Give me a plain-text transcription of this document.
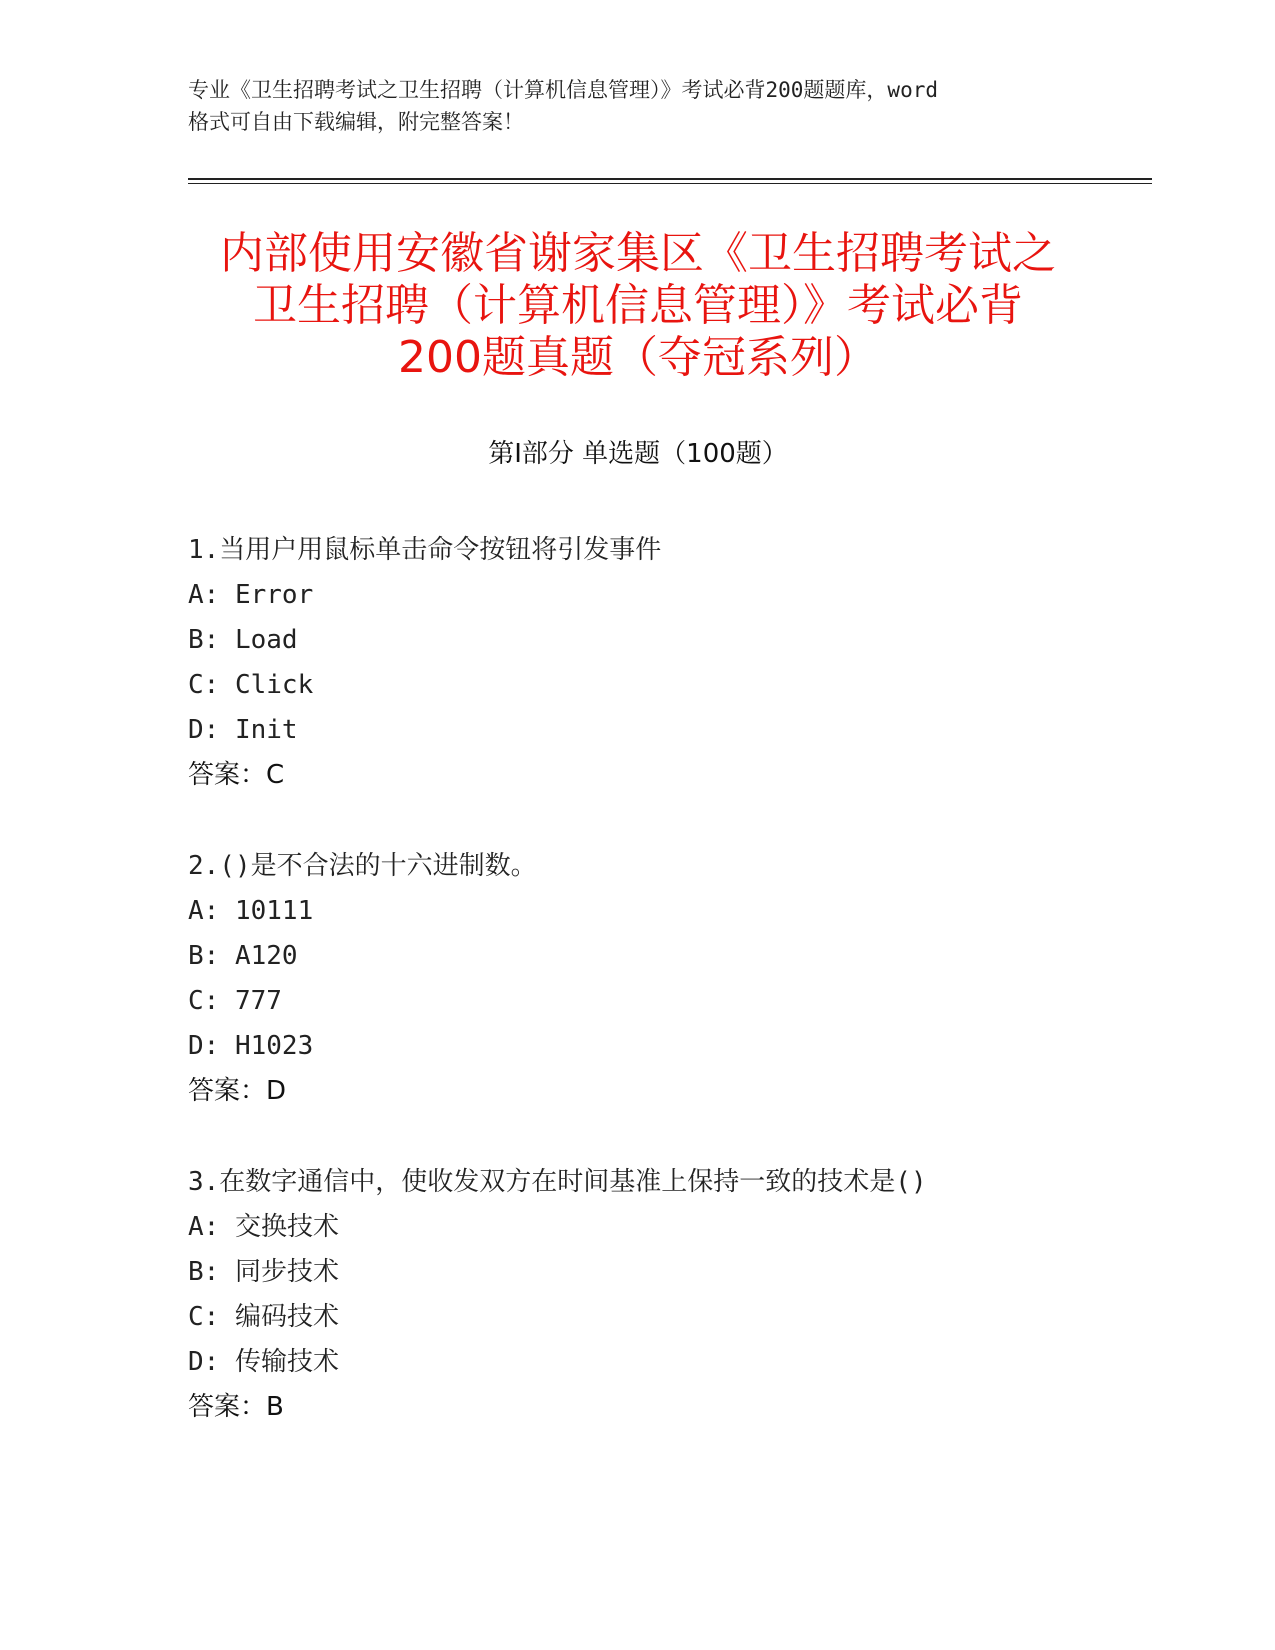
专业《卫生招聘考试之卫生招聘（计算机信息管理）》考试必背200题题库，word
格式可自由下载编辑，附完整答案！
内部使用安徽省谢家集区《卫生招聘考试之
卫生招聘（计算机信息管理）》考试必背
200题真题（夺冠系列）
第Ⅰ部分 单选题（100题）
1.当用户用鼠标单击命令按钮将引发事件
A: Error
B: Load
C: Click
D: Init
答案：C
2.()是不合法的十六进制数。
A: 10111
B: A120
C: 777
D: H1023
答案：D
3.在数字通信中，使收发双方在时间基准上保持一致的技术是()
A: 交换技术
B: 同步技术
C: 编码技术
D: 传输技术
答案：B
